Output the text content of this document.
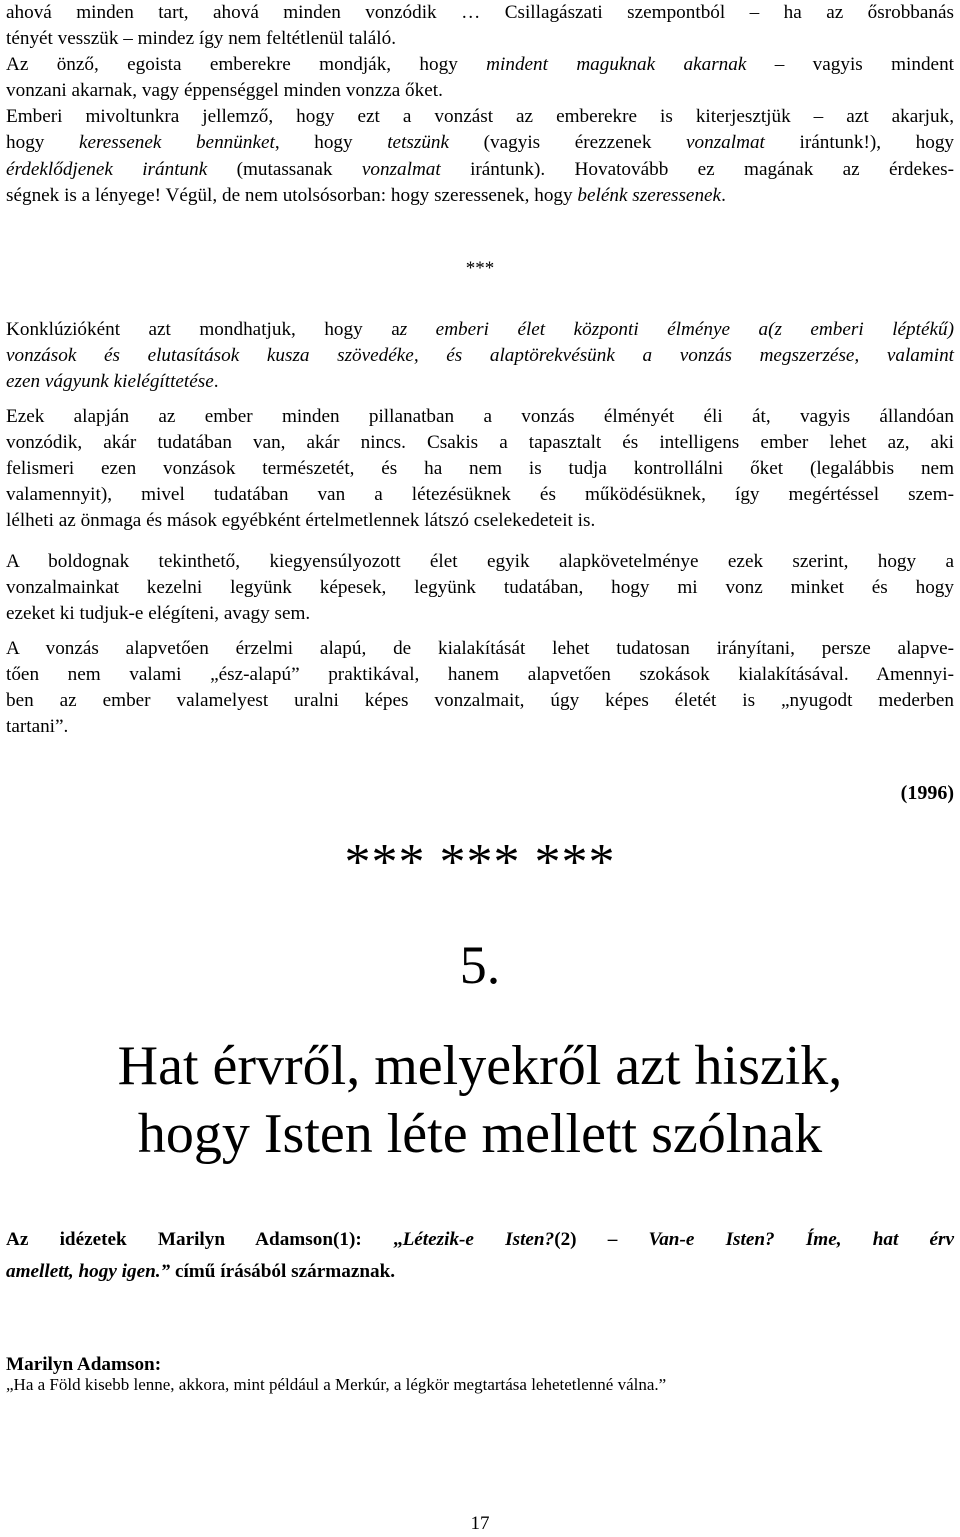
ahová minden tart, ahová minden vonzódik … Csillagászati szempontból – ha az ősrobbanás
tényét vesszük – mindez így nem feltétlenül találó.
Az önző, egoista emberekre mondják, hogy mindent maguknak akarnak – vagyis mindent
vonzani akarnak, vagy éppenséggel minden vonzza őket.
Emberi mivoltunkra jellemző, hogy ezt a vonzást az emberekre is kiterjesztjük – azt akarjuk,
hogy keressenek bennünket, hogy tetszünk (vagyis érezzenek vonzalmat irántunk!), hogy
érdeklődjenek irántunk (mutassanak vonzalmat irántunk). Hovatovább ez magának az érdekes-
ségnek is a lényege! Végül, de nem utolsósorban: hogy szeressenek, hogy belénk szeressenek.

***

Konklúzióként azt mondhatjuk, hogy az emberi élet központi élménye a(z emberi léptékű)
vonzások és elutasítások kusza szövedéke, és alaptörekvésünk a vonzás megszerzése, valamint
ezen vágyunk kielégíttetése.
Ezek alapján az ember minden pillanatban a vonzás élményét éli át, vagyis állandóan
vonzódik, akár tudatában van, akár nincs. Csakis a tapasztalt és intelligens ember lehet az, aki
felismeri ezen vonzások természetét, és ha nem is tudja kontrollálni őket (legalábbis nem
valamennyit), mivel tudatában van a létezésüknek és működésüknek, így megértéssel szem-
lélheti az önmaga és mások egyébként értelmetlennek látszó cselekedeteit is.
A boldognak tekinthető, kiegyensúlyozott élet egyik alapkövetelménye ezek szerint, hogy a
vonzalmainkat kezelni legyünk képesek, legyünk tudatában, hogy mi vonz minket és hogy
ezeket ki tudjuk-e elégíteni, avagy sem.
A vonzás alapvetően érzelmi alapú, de kialakítását lehet tudatosan irányítani, persze alapve-
tően nem valami „ész-alapú” praktikával, hanem alapvetően szokások kialakításával. Amennyi-
ben az ember valamelyest uralni képes vonzalmait, úgy képes életét is „nyugodt mederben
tartani”.
(1996)

*** *** ***

5.

Hat érvről, melyekről azt hiszik,
hogy Isten léte mellett szólnak
Az idézetek Marilyn Adamson(1): „Létezik-e Isten?(2) – Van-e Isten? Íme, hat érv
amellett, hogy igen.” című írásából származnak.
Marilyn Adamson:
„Ha a Föld kisebb lenne, akkora, mint például a Merkúr, a légkör megtartása lehetetlenné válna.”
17
